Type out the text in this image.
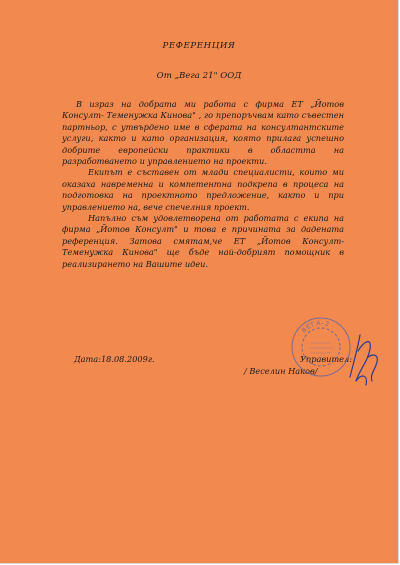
РЕФЕРЕНЦИЯ
От „Вега 21" ООД

В израз на добрата ми работа с фирма ЕТ „Йотов Консулт- Теменужка Кинова" , го препоръчвам като съвестен партньор, с утвърдено име в сферата на консултантските услуги, както и като организация, която прилага успешно добрите европейски практики в областта на разработването и управлението на проекти.

Екипът е съставен от млади специалисти, които ми оказаха навременна и компетентна подкрепа в процеса на подготовка на проектното предложение, както и при управлението на, вече спечелния проект.

Напълно съм удовлетворена от работата с екипа на фирма „Йотов Консулт" и това е причината за дадената референция. Затова смятам,че ЕТ „Йотов Консулт- Теменужка Кинова" ще бъде най-добрият помощник в реализирането на Вашите идеи.

Дата:18.08.2009г.	Управител:
/ Веселин Наков/
ВЕГА-2
